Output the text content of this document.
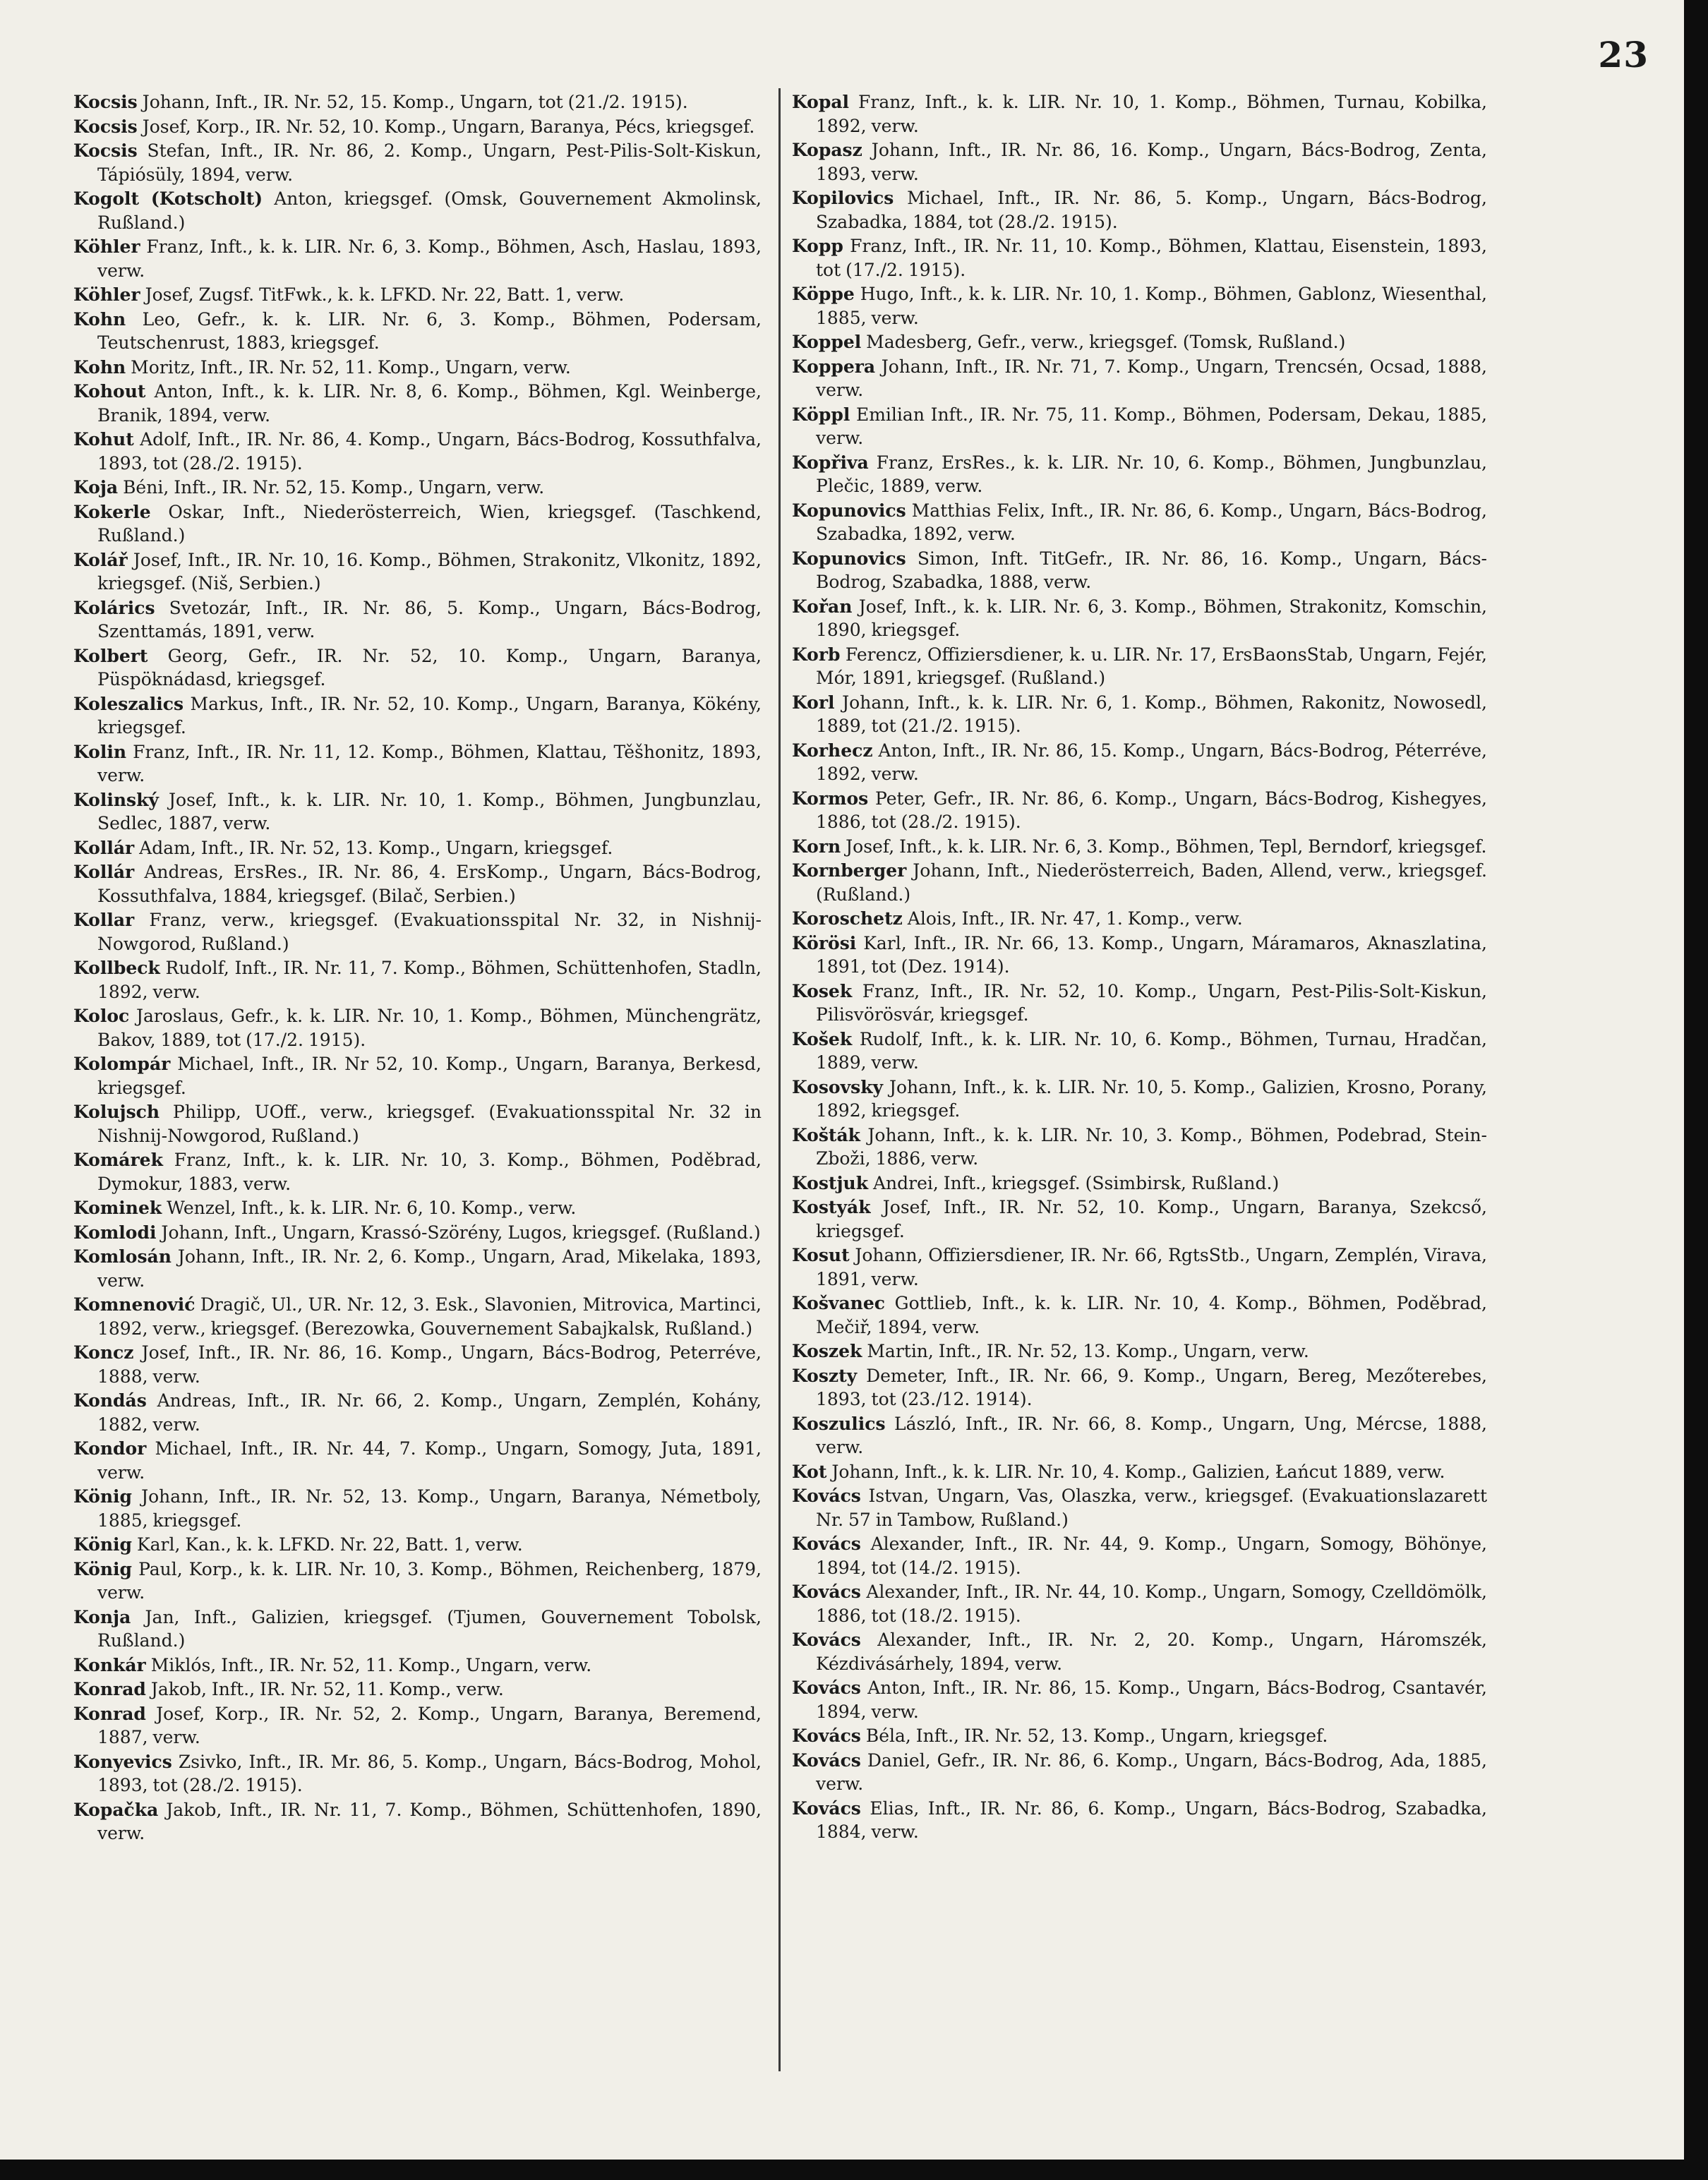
23

Kocsis Johann, Inft., IR. Nr. 52, 15. Komp., Ungarn, tot (21./2. 1915).

Kocsis Josef, Korp., IR. Nr. 52, 10. Komp., Ungarn, Baranya, Pécs, kriegsgef.

Kocsis Stefan, Inft., IR. Nr. 86, 2. Komp., Ungarn, Pest-Pilis-Solt-Kiskun, Tápiósüly, 1894, verw.

Kogolt (Kotscholt) Anton, kriegsgef. (Omsk, Gouvernement Akmolinsk, Rußland.)

Köhler Franz, Inft., k. k. LIR. Nr. 6, 3. Komp., Böhmen, Asch, Haslau, 1893, verw.

Köhler Josef, Zugsf. TitFwk., k. k. LFKD. Nr. 22, Batt. 1, verw.

Kohn Leo, Gefr., k. k. LIR. Nr. 6, 3. Komp., Böhmen, Podersam, Teutschenrust, 1883, kriegsgef.

Kohn Moritz, Inft., IR. Nr. 52, 11. Komp., Ungarn, verw.

Kohout Anton, Inft., k. k. LIR. Nr. 8, 6. Komp., Böhmen, Kgl. Weinberge, Branik, 1894, verw.

Kohut Adolf, Inft., IR. Nr. 86, 4. Komp., Ungarn, Bács-Bodrog, Kossuthfalva, 1893, tot (28./2. 1915).

Koja Béni, Inft., IR. Nr. 52, 15. Komp., Ungarn, verw.

Kokerle Oskar, Inft., Niederösterreich, Wien, kriegsgef. (Taschkend, Rußland.)

Kolář Josef, Inft., IR. Nr. 10, 16. Komp., Böhmen, Strakonitz, Vlkonitz, 1892, kriegsgef. (Niš, Serbien.)

Kolárics Svetozár, Inft., IR. Nr. 86, 5. Komp., Ungarn, Bács-Bodrog, Szenttamás, 1891, verw.

Kolbert Georg, Gefr., IR. Nr. 52, 10. Komp., Ungarn, Baranya, Püspöknádasd, kriegsgef.

Koleszalics Markus, Inft., IR. Nr. 52, 10. Komp., Ungarn, Baranya, Kökény, kriegsgef.

Kolin Franz, Inft., IR. Nr. 11, 12. Komp., Böhmen, Klattau, Těšhonitz, 1893, verw.

Kolinský Josef, Inft., k. k. LIR. Nr. 10, 1. Komp., Böhmen, Jungbunzlau, Sedlec, 1887, verw.

Kollár Adam, Inft., IR. Nr. 52, 13. Komp., Ungarn, kriegsgef.

Kollár Andreas, ErsRes., IR. Nr. 86, 4. ErsKomp., Ungarn, Bács-Bodrog, Kossuthfalva, 1884, kriegsgef. (Bilač, Serbien.)

Kollar Franz, verw., kriegsgef. (Evakuationsspital Nr. 32, in Nishnij-Nowgorod, Rußland.)

Kollbeck Rudolf, Inft., IR. Nr. 11, 7. Komp., Böhmen, Schüttenhofen, Stadln, 1892, verw.

Koloc Jaroslaus, Gefr., k. k. LIR. Nr. 10, 1. Komp., Böhmen, Münchengrätz, Bakov, 1889, tot (17./2. 1915).

Kolompár Michael, Inft., IR. Nr 52, 10. Komp., Ungarn, Baranya, Berkesd, kriegsgef.

Kolujsch Philipp, UOff., verw., kriegsgef. (Evakuationsspital Nr. 32 in Nishnij-Nowgorod, Rußland.)

Komárek Franz, Inft., k. k. LIR. Nr. 10, 3. Komp., Böhmen, Poděbrad, Dymokur, 1883, verw.

Kominek Wenzel, Inft., k. k. LIR. Nr. 6, 10. Komp., verw.

Komlodi Johann, Inft., Ungarn, Krassó-Szörény, Lugos, kriegsgef. (Rußland.)

Komlosán Johann, Inft., IR. Nr. 2, 6. Komp., Ungarn, Arad, Mikelaka, 1893, verw.

Komnenović Dragič, Ul., UR. Nr. 12, 3. Esk., Slavonien, Mitrovica, Martinci, 1892, verw., kriegsgef. (Berezowka, Gouvernement Sabajkalsk, Rußland.)

Koncz Josef, Inft., IR. Nr. 86, 16. Komp., Ungarn, Bács-Bodrog, Peterréve, 1888, verw.

Kondás Andreas, Inft., IR. Nr. 66, 2. Komp., Ungarn, Zemplén, Kohány, 1882, verw.

Kondor Michael, Inft., IR. Nr. 44, 7. Komp., Ungarn, Somogy, Juta, 1891, verw.

König Johann, Inft., IR. Nr. 52, 13. Komp., Ungarn, Baranya, Németboly, 1885, kriegsgef.

König Karl, Kan., k. k. LFKD. Nr. 22, Batt. 1, verw.

König Paul, Korp., k. k. LIR. Nr. 10, 3. Komp., Böhmen, Reichenberg, 1879, verw.

Konja Jan, Inft., Galizien, kriegsgef. (Tjumen, Gouvernement Tobolsk, Rußland.)

Konkár Miklós, Inft., IR. Nr. 52, 11. Komp., Ungarn, verw.

Konrad Jakob, Inft., IR. Nr. 52, 11. Komp., verw.

Konrad Josef, Korp., IR. Nr. 52, 2. Komp., Ungarn, Baranya, Beremend, 1887, verw.

Konyevics Zsivko, Inft., IR. Mr. 86, 5. Komp., Ungarn, Bács-Bodrog, Mohol, 1893, tot (28./2. 1915).

Kopačka Jakob, Inft., IR. Nr. 11, 7. Komp., Böhmen, Schüttenhofen, 1890, verw.

Kopal Franz, Inft., k. k. LIR. Nr. 10, 1. Komp., Böhmen, Turnau, Kobilka, 1892, verw.

Kopasz Johann, Inft., IR. Nr. 86, 16. Komp., Ungarn, Bács-Bodrog, Zenta, 1893, verw.

Kopilovics Michael, Inft., IR. Nr. 86, 5. Komp., Ungarn, Bács-Bodrog, Szabadka, 1884, tot (28./2. 1915).

Kopp Franz, Inft., IR. Nr. 11, 10. Komp., Böhmen, Klattau, Eisenstein, 1893, tot (17./2. 1915).

Köppe Hugo, Inft., k. k. LIR. Nr. 10, 1. Komp., Böhmen, Gablonz, Wiesenthal, 1885, verw.

Koppel Madesberg, Gefr., verw., kriegsgef. (Tomsk, Rußland.)

Koppera Johann, Inft., IR. Nr. 71, 7. Komp., Ungarn, Trencsén, Ocsad, 1888, verw.

Köppl Emilian Inft., IR. Nr. 75, 11. Komp., Böhmen, Podersam, Dekau, 1885, verw.

Kopřiva Franz, ErsRes., k. k. LIR. Nr. 10, 6. Komp., Böhmen, Jungbunzlau, Plečic, 1889, verw.

Kopunovics Matthias Felix, Inft., IR. Nr. 86, 6. Komp., Ungarn, Bács-Bodrog, Szabadka, 1892, verw.

Kopunovics Simon, Inft. TitGefr., IR. Nr. 86, 16. Komp., Ungarn, Bács-Bodrog, Szabadka, 1888, verw.

Kořan Josef, Inft., k. k. LIR. Nr. 6, 3. Komp., Böhmen, Strakonitz, Komschin, 1890, kriegsgef.

Korb Ferencz, Offiziersdiener, k. u. LIR. Nr. 17, ErsBaonsStab, Ungarn, Fejér, Mór, 1891, kriegsgef. (Rußland.)

Korl Johann, Inft., k. k. LIR. Nr. 6, 1. Komp., Böhmen, Rakonitz, Nowosedl, 1889, tot (21./2. 1915).

Korhecz Anton, Inft., IR. Nr. 86, 15. Komp., Ungarn, Bács-Bodrog, Péterréve, 1892, verw.

Kormos Peter, Gefr., IR. Nr. 86, 6. Komp., Ungarn, Bács-Bodrog, Kishegyes, 1886, tot (28./2. 1915).

Korn Josef, Inft., k. k. LIR. Nr. 6, 3. Komp., Böhmen, Tepl, Berndorf, kriegsgef.

Kornberger Johann, Inft., Niederösterreich, Baden, Allend, verw., kriegsgef. (Rußland.)

Koroschetz Alois, Inft., IR. Nr. 47, 1. Komp., verw.

Körösi Karl, Inft., IR. Nr. 66, 13. Komp., Ungarn, Máramaros, Aknaszlatina, 1891, tot (Dez. 1914).

Kosek Franz, Inft., IR. Nr. 52, 10. Komp., Ungarn, Pest-Pilis-Solt-Kiskun, Pilisvörösvár, kriegsgef.

Košek Rudolf, Inft., k. k. LIR. Nr. 10, 6. Komp., Böhmen, Turnau, Hradčan, 1889, verw.

Kosovsky Johann, Inft., k. k. LIR. Nr. 10, 5. Komp., Galizien, Krosno, Porany, 1892, kriegsgef.

Košták Johann, Inft., k. k. LIR. Nr. 10, 3. Komp., Böhmen, Podebrad, Stein-Zboži, 1886, verw.

Kostjuk Andrei, Inft., kriegsgef. (Ssimbirsk, Rußland.)

Kostyák Josef, Inft., IR. Nr. 52, 10. Komp., Ungarn, Baranya, Szekcső, kriegsgef.

Kosut Johann, Offiziersdiener, IR. Nr. 66, RgtsStb., Ungarn, Zemplén, Virava, 1891, verw.

Košvanec Gottlieb, Inft., k. k. LIR. Nr. 10, 4. Komp., Böhmen, Poděbrad, Mečiř, 1894, verw.

Koszek Martin, Inft., IR. Nr. 52, 13. Komp., Ungarn, verw.

Koszty Demeter, Inft., IR. Nr. 66, 9. Komp., Ungarn, Bereg, Mezőterebes, 1893, tot (23./12. 1914).

Koszulics László, Inft., IR. Nr. 66, 8. Komp., Ungarn, Ung, Mércse, 1888, verw.

Kot Johann, Inft., k. k. LIR. Nr. 10, 4. Komp., Galizien, Łańcut 1889, verw.

Kovács Istvan, Ungarn, Vas, Olaszka, verw., kriegsgef. (Evakuationslazarett Nr. 57 in Tambow, Rußland.)

Kovács Alexander, Inft., IR. Nr. 44, 9. Komp., Ungarn, Somogy, Böhönye, 1894, tot (14./2. 1915).

Kovács Alexander, Inft., IR. Nr. 44, 10. Komp., Ungarn, Somogy, Czelldömölk, 1886, tot (18./2. 1915).

Kovács Alexander, Inft., IR. Nr. 2, 20. Komp., Ungarn, Háromszék, Kézdivásárhely, 1894, verw.

Kovács Anton, Inft., IR. Nr. 86, 15. Komp., Ungarn, Bács-Bodrog, Csantavér, 1894, verw.

Kovács Béla, Inft., IR. Nr. 52, 13. Komp., Ungarn, kriegsgef.

Kovács Daniel, Gefr., IR. Nr. 86, 6. Komp., Ungarn, Bács-Bodrog, Ada, 1885, verw.

Kovács Elias, Inft., IR. Nr. 86, 6. Komp., Ungarn, Bács-Bodrog, Szabadka, 1884, verw.
